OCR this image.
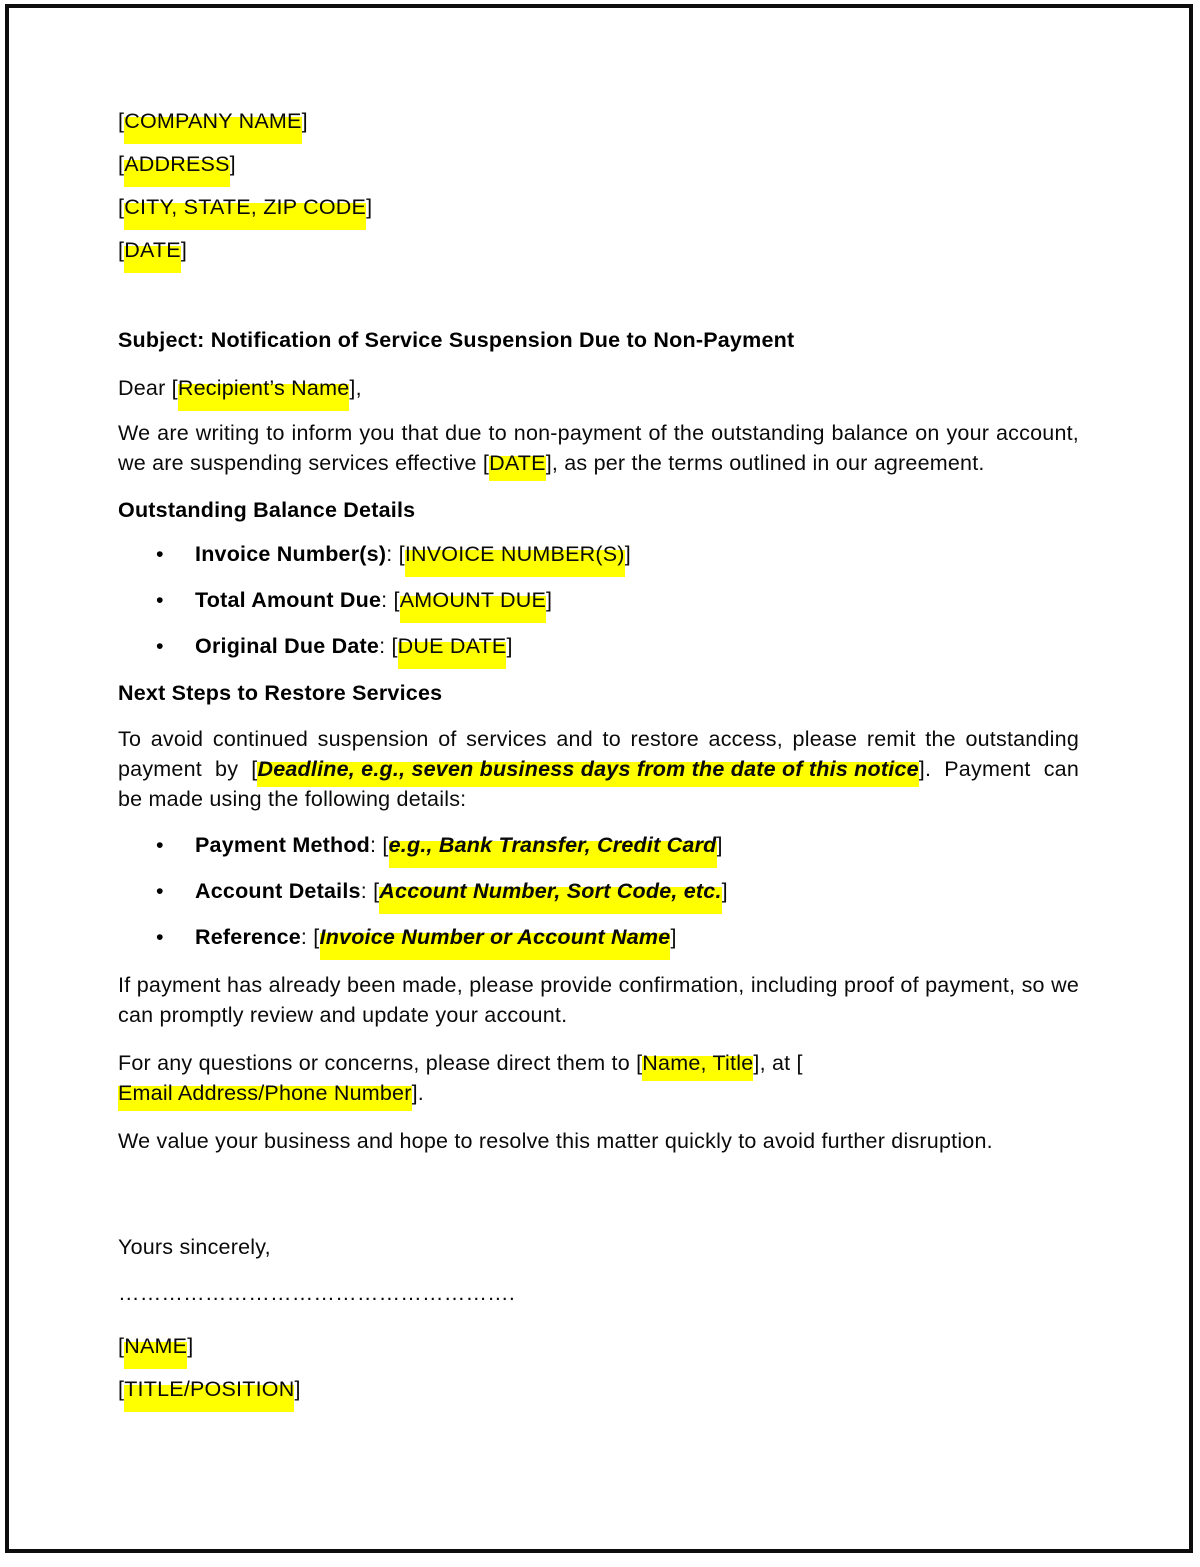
[COMPANY NAME]

[ADDRESS]

[CITY, STATE, ZIP CODE]

[DATE]

Subject: Notification of Service Suspension Due to Non-Payment

Dear [Recipient’s Name],

We are writing to inform you that due to non-payment of the outstanding balance on your account, we are suspending services effective [DATE], as per the terms outlined in our agreement.

Outstanding Balance Details

• Invoice Number(s): [INVOICE NUMBER(S)]
• Total Amount Due: [AMOUNT DUE]
• Original Due Date: [DUE DATE]

Next Steps to Restore Services

To avoid continued suspension of services and to restore access, please remit the outstanding payment by [Deadline, e.g., seven business days from the date of this notice]. Payment can be made using the following details:

• Payment Method: [e.g., Bank Transfer, Credit Card]
• Account Details: [Account Number, Sort Code, etc.]
• Reference: [Invoice Number or Account Name]

If payment has already been made, please provide confirmation, including proof of payment, so we can promptly review and update your account.

For any questions or concerns, please direct them to [Name, Title], at [Email Address/Phone Number].

We value your business and hope to resolve this matter quickly to avoid further disruption.

Yours sincerely,

……………………………………………….

[NAME]

[TITLE/POSITION]
